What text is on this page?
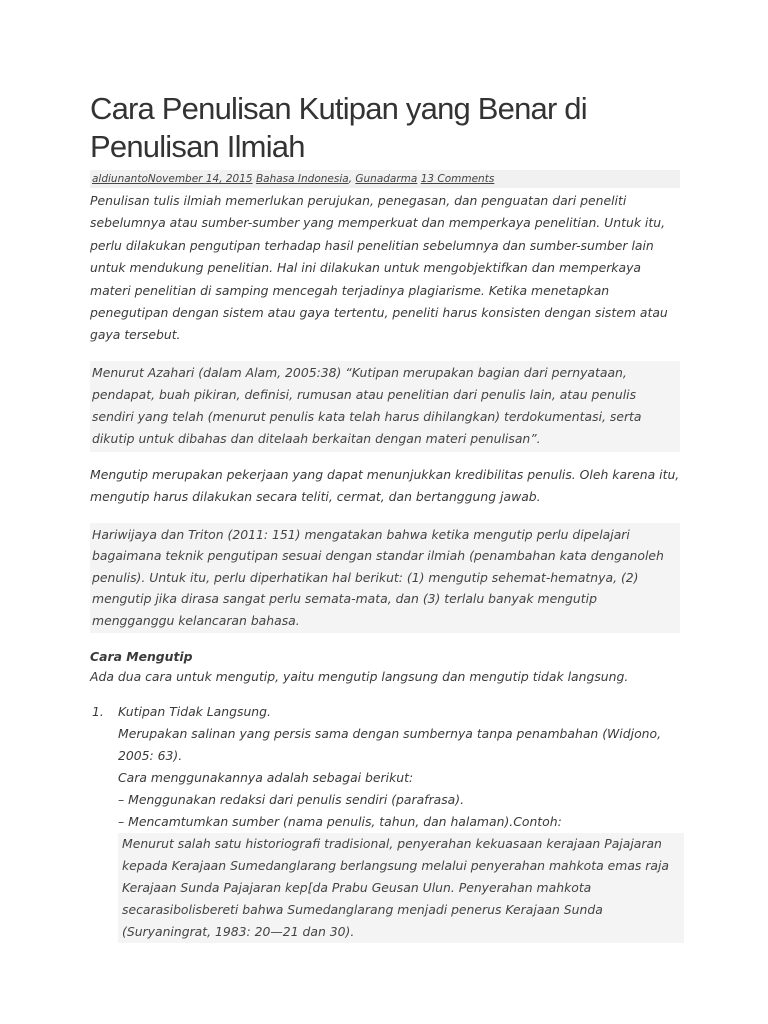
Cara Penulisan Kutipan yang Benar di Penulisan Ilmiah
aldiunantoNovember 14, 2015 Bahasa Indonesia, Gunadarma 13 Comments

Penulisan tulis ilmiah memerlukan perujukan, penegasan, dan penguatan dari peneliti sebelumnya atau sumber-sumber yang memperkuat dan memperkaya penelitian. Untuk itu, perlu dilakukan pengutipan terhadap hasil penelitian sebelumnya dan sumber-sumber lain untuk mendukung penelitian. Hal ini dilakukan untuk mengobjektifkan dan memperkaya materi penelitian di samping mencegah terjadinya plagiarisme. Ketika menetapkan penegutipan dengan sistem atau gaya tertentu, peneliti harus konsisten dengan sistem atau gaya tersebut.

Menurut Azahari (dalam Alam, 2005:38) “Kutipan merupakan bagian dari pernyataan, pendapat, buah pikiran, definisi, rumusan atau penelitian dari penulis lain, atau penulis sendiri yang telah (menurut penulis kata telah harus dihilangkan) terdokumentasi, serta dikutip untuk dibahas dan ditelaah berkaitan dengan materi penulisan”.

Mengutip merupakan pekerjaan yang dapat menunjukkan kredibilitas penulis. Oleh karena itu, mengutip harus dilakukan secara teliti, cermat, dan bertanggung jawab.

Hariwijaya dan Triton (2011: 151) mengatakan bahwa ketika mengutip perlu dipelajari bagaimana teknik pengutipan sesuai dengan standar ilmiah (penambahan kata denganoleh penulis). Untuk itu, perlu diperhatikan hal berikut: (1) mengutip sehemat-hematnya, (2) mengutip jika dirasa sangat perlu semata-mata, dan (3) terlalu banyak mengutip mengganggu kelancaran bahasa.

Cara Mengutip

Ada dua cara untuk mengutip, yaitu mengutip langsung dan mengutip tidak langsung.

1. Kutipan Tidak Langsung.
Merupakan salinan yang persis sama dengan sumbernya tanpa penambahan (Widjono, 2005: 63).
Cara menggunakannya adalah sebagai berikut:
– Menggunakan redaksi dari penulis sendiri (parafrasa).
– Mencamtumkan sumber (nama penulis, tahun, dan halaman).Contoh:
Menurut salah satu historiografi tradisional, penyerahan kekuasaan kerajaan Pajajaran kepada Kerajaan Sumedanglarang berlangsung melalui penyerahan mahkota emas raja Kerajaan Sunda Pajajaran kep[da Prabu Geusan Ulun. Penyerahan mahkota secarasibolisbereti bahwa Sumedanglarang menjadi penerus Kerajaan Sunda (Suryaningrat, 1983: 20—21 dan 30).
